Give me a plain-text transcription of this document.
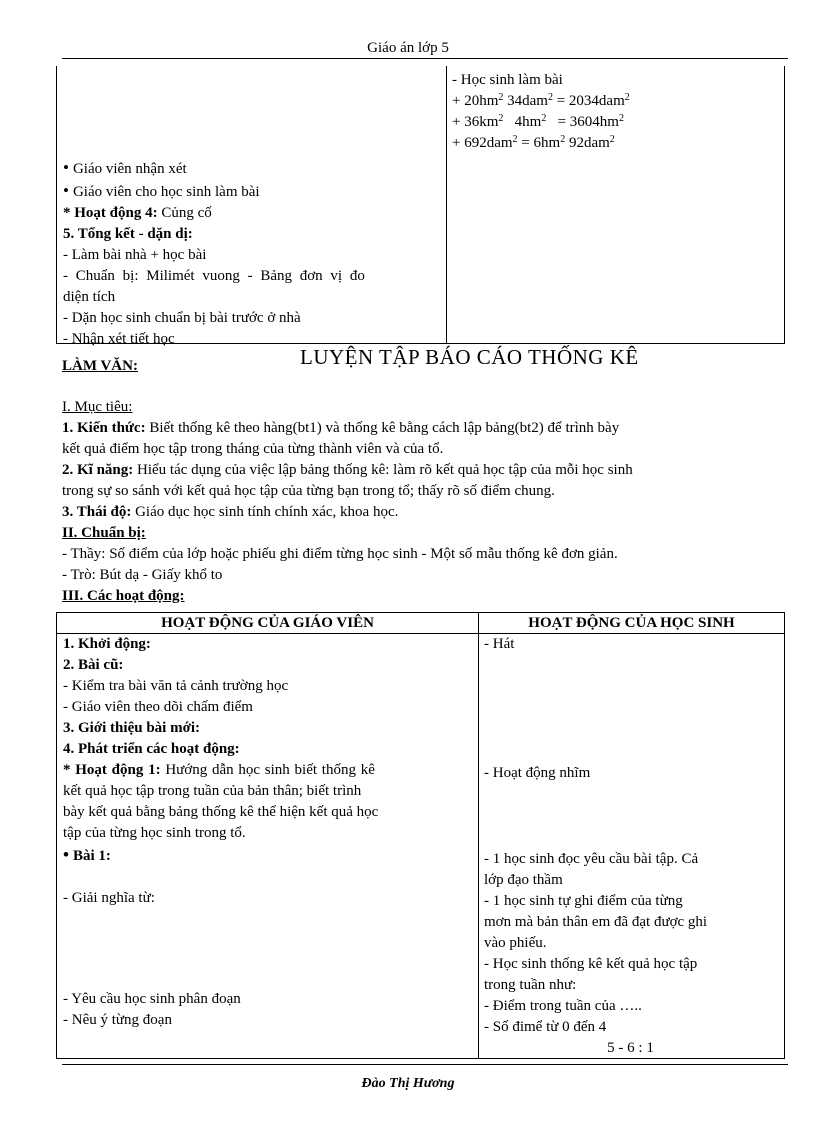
Giáo án lớp 5
- Học sinh làm bài
+ $20hm^2$ 34dam$^2$ = 2034dam$^2$
+ $36km^2$   $4hm^2 = 3604hm^2$
+ $692dam^2 = 6hm^2$ 92dam$^2$
• Giáo viên nhận xét
• Giáo viên cho học sinh làm bài
* Hoạt động 4: Củng cố
5. Tổng kết - dặn dị:
- Làm bài nhà + học bài
- Chuẩn bị: Milimét vuong - Bảng đơn vị đo
diện tích
- Dặn học sinh chuẩn bị bài trước ở nhà
- Nhận xét tiết học
LÀM VĂN:	LUYỆN TẬP BÁO CÁO THỐNG KÊ
I. Mục tiêu:
1. Kiến thức: Biết thống kê theo hàng(bt1) và thống kê bằng cách lập bảng(bt2) để trình bày
kết quả điểm học tập trong tháng của từng thành viên và của tổ.
2. Kĩ năng: Hiểu tác dụng của việc lập bảng thống kê: làm rõ kết quả học tập của mỗi học sinh
trong sự so sánh với kết quả học tập của từng bạn trong tổ; thấy rõ số điểm chung.
3. Thái độ: Giáo dục học sinh tính chính xác, khoa học.
II. Chuẩn bị:
- Thầy: Số điểm của lớp hoặc phiếu ghi điểm từng học sinh - Một số mẫu thống kê đơn giản.
- Trò: Bút dạ - Giấy khổ to
III. Các hoạt động:
HOẠT ĐỘNG CỦA GIÁO VIÊN	HOẠT ĐỘNG CỦA HỌC SINH
1. Khởi động:
2. Bài cũ:
- Kiểm tra bài văn tả cảnh trường học
- Giáo viên theo dõi chấm điểm
3. Giới thiệu bài mới:
4. Phát triển các hoạt động:
* Hoạt động 1: Hướng dẫn học sinh biết thống kê
kết quả học tập trong tuần của bản thân; biết trình
bày kết quả bằng bảng thống kê thể hiện kết quả học
tập của từng học sinh trong tổ.
• Bài 1:
- Giải nghĩa từ:
- Yêu cầu học sinh phân đoạn
- Nêu ý từng đoạn
- Hát
- Hoạt động nhĩm
- 1 học sinh đọc yêu cầu bài tập. Cả
lớp đạo thầm
- 1 học sinh tự ghi điểm của từng
mơn mà bản thân em đã đạt được ghi
vào phiếu.
- Học sinh thống kê kết quả học tập
trong tuần như:
- Điểm trong tuần của …..
- Số đimể từ 0 đến 4
5 - 6 : 1
Đào Thị Hương
